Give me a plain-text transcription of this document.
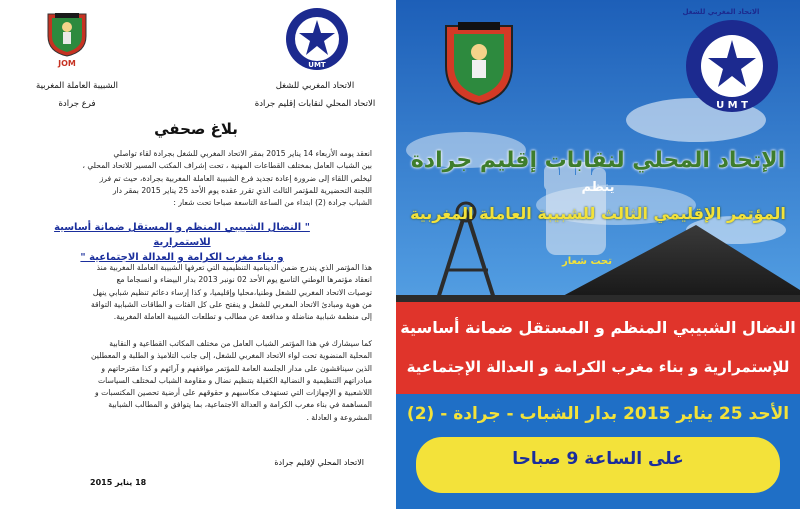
JOM
الشبيبة العاملة المغربية
فرع جرادة
UMT
الاتحاد المغربي للشغل
الاتحاد المحلي لنقابات إقليم جرادة
بلاغ صحفي
انعقد يومه الأربعاء 14 يناير 2015 بمقر الاتحاد المغربي للشغل بجرادة لقاء تواصلي
بين الشباب العامل بمختلف القطاعات المهنية ، تحت إشراف المكتب المسير للاتحاد المحلي ،
ليخلص اللقاء إلى ضرورة إعادة تجديد فرع الشبيبة العاملة المغربية بجرادة، حيث تم فرز
اللجنة التحضيرية للمؤتمر الثالث الذي تقرر عقده يوم الأحد 25 يناير 2015 بمقر دار
الشباب جرادة (2) ابتداء من الساعة التاسعة صباحا تحت شعار :
" النضال الشبيبي المنظم و المستقل ضمانة أساسية للاستمرارية
و بناء مغرب الكرامة و العدالة الاجتماعية "
هذا المؤتمر الذي يندرج ضمن الدينامية التنظيمية التي تعرفها الشبيبة العاملة المغربية منذ
انعقاد مؤتمرها الوطني التاسع يوم الأحد 02 نونبر 2013 بدار البيضاء و انسجاما مع
توصيات الاتحاد المغربي للشغل وطنيا،محليا وإقليميا، و كذا إرساء دعائم تنظيم شبابي ينهل
من هوية ومبادئ الاتحاد المغربي للشغل و ينفتح على كل الفئات و الطاقات الشبابية التواقة
إلى منظمة شبابية مناضلة و مدافعة عن مطالب و تطلعات الشبيبة العاملة المغربية.
كما سيشارك في هذا المؤتمر الشباب العامل من مختلف المكاتب القطاعية و النقابية
المحلية المنضوية تحت لواء الاتحاد المغربي للشغل، إلى جانب التلاميذ و الطلبة و المعطلين
الذين سيناقشون على مدار الجلسة العامة للمؤتمر مواقفهم و آرائهم و كذا مقترحاتهم و
مبادراتهم التنظيمية و النضالية الكفيلة بتنظيم نضال و مقاومة الشباب لمختلف السياسات
اللاشعبية و الإجهازات التي تستهدف مكاسبهم و حقوقهم على أرضية تحصين المكتسبات و
المساهمة في بناء مغرب الكرامة و العدالة الاجتماعية، بما يتوافق و المطالب الشبابية
المشروعة و العادلة .
الاتحاد المحلي لإقليم جرادة
18 يناير 2015
U M T
الاتحاد المغربي للشغل
الإتحاد المحلي لنقابات إقليم جرادة
ينظم
المؤتمر الإقليمي الثالث للشبيبة العاملة المغربية
تحت شعار
النضال الشبيبي المنظم و المستقل ضمانة أساسية
للإستمرارية و بناء مغرب الكرامة و العدالة الإجتماعية
الأحد 25 يناير 2015 بدار الشباب - جرادة - (2)
على الساعة 9 صباحا
